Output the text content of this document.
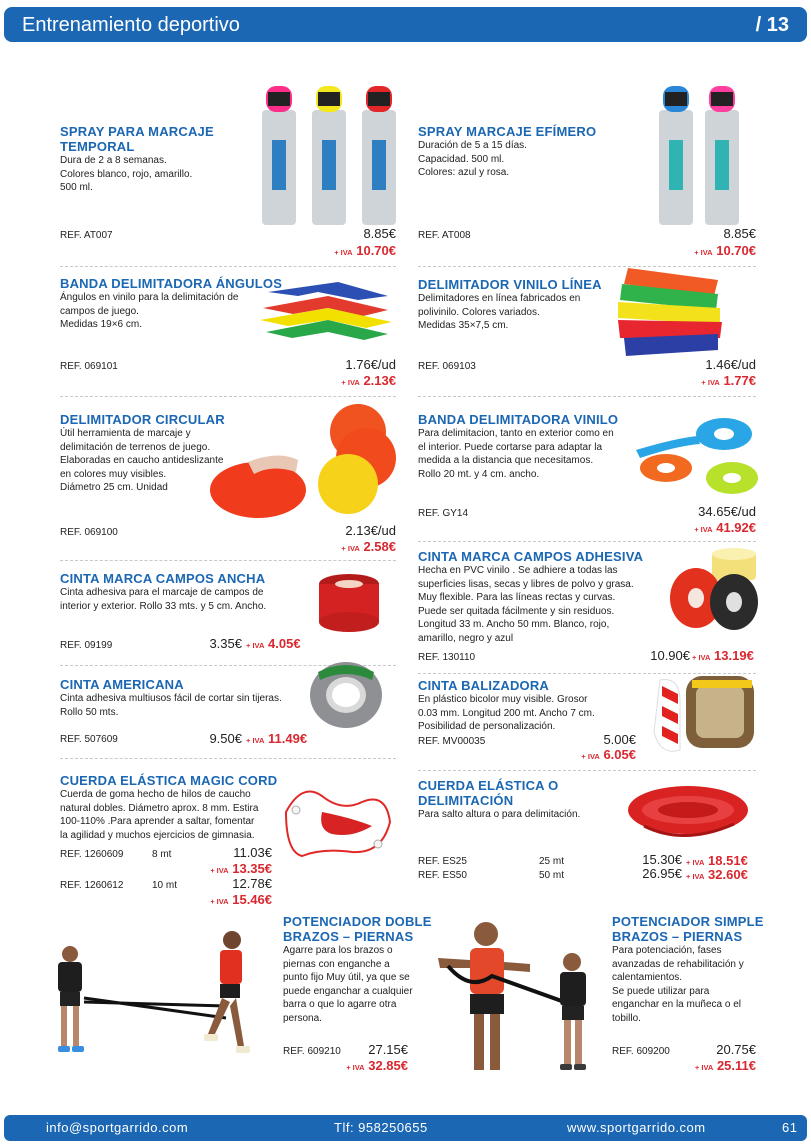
Entrenamiento deportivo	/ 13
SPRAY PARA MARCAJE
TEMPORAL
Dura de 2 a 8 semanas.
Colores blanco, rojo, amarillo.
500 ml.
REF. AT007	8.85€
+ IVA 10.70€
SPRAY MARCAJE EFÍMERO
Duración de 5 a 15 días.
Capacidad. 500 ml.
Colores: azul y rosa.
REF. AT008	8.85€
+ IVA 10.70€
BANDA DELIMITADORA ÁNGULOS
Ángulos en vinilo para la delimitación de
campos de juego.
Medidas 19×6 cm.
REF. 069101	1.76€/ud
+ IVA 2.13€
DELIMITADOR VINILO LÍNEA
Delimitadores en línea fabricados en
polivinilo. Colores variados.
Medidas 35×7,5 cm.
REF. 069103	1.46€/ud
+ IVA 1.77€
DELIMITADOR CIRCULAR
Útil herramienta de marcaje y
delimitación de terrenos de juego.
Elaboradas en caucho antideslizante
en colores muy visibles.
Diámetro 25 cm. Unidad
REF. 069100	2.13€/ud
+ IVA 2.58€
BANDA DELIMITADORA VINILO
Para delimitacion, tanto en exterior como en
el interior. Puede cortarse para adaptar la
medida a la distancia que necesitamos.
Rollo 20 mt. y 4 cm. ancho.
REF. GY14	34.65€/ud
+ IVA 41.92€
CINTA MARCA CAMPOS ANCHA
Cinta adhesiva para el marcaje de campos de
interior y exterior. Rollo 33 mts. y 5 cm. Ancho.
REF. 09199	3.35€ + IVA 4.05€
CINTA MARCA CAMPOS ADHESIVA
Hecha en PVC vinilo . Se adhiere a todas las
superficies lisas, secas y libres de polvo y grasa.
Muy flexible. Para las líneas rectas y curvas.
Puede ser quitada fácilmente y sin residuos.
Longitud 33 m. Ancho 50 mm. Blanco, rojo,
amarillo, negro y azul
REF. 130110	10.90€ + IVA 13.19€
CINTA AMERICANA
Cinta adhesiva multiusos fácil de cortar sin tijeras.
Rollo 50 mts.
REF. 507609	9.50€ + IVA 11.49€
CINTA BALIZADORA
En plástico bicolor muy visible. Grosor
0.03 mm. Longitud 200 mt. Ancho 7 cm.
Posibilidad de personalización.
REF. MV00035	5.00€
+ IVA 6.05€
CUERDA ELÁSTICA MAGIC CORD
Cuerda de goma hecho de hilos de caucho
natural dobles. Diámetro aprox. 8 mm. Estira
100-110% .Para aprender a saltar, fomentar
la agilidad y muchos ejercicios de gimnasia.
REF. 1260609	8 mt	11.03€
+ IVA 13.35€
REF. 1260612	10 mt	12.78€
+ IVA 15.46€
CUERDA ELÁSTICA O
DELIMITACIÓN
Para salto altura o para delimitación.
REF. ES25	25 mt	15.30€ + IVA 18.51€
REF. ES50	50 mt	26.95€ + IVA 32.60€
POTENCIADOR DOBLE
BRAZOS – PIERNAS
Agarre para los brazos o
piernas con enganche a
punto fijo Muy útil, ya que se
puede enganchar a cualquier
barra o que lo agarre otra
persona.
REF. 609210	27.15€
+ IVA 32.85€
POTENCIADOR SIMPLE
BRAZOS – PIERNAS
Para potenciación, fases
avanzadas de rehabilitación y
calentamientos.
Se puede utilizar para
enganchar en la muñeca o el
tobillo.
REF. 609200	20.75€
+ IVA 25.11€
info@sportgarrido.com	Tlf: 958250655	www.sportgarrido.com	61
